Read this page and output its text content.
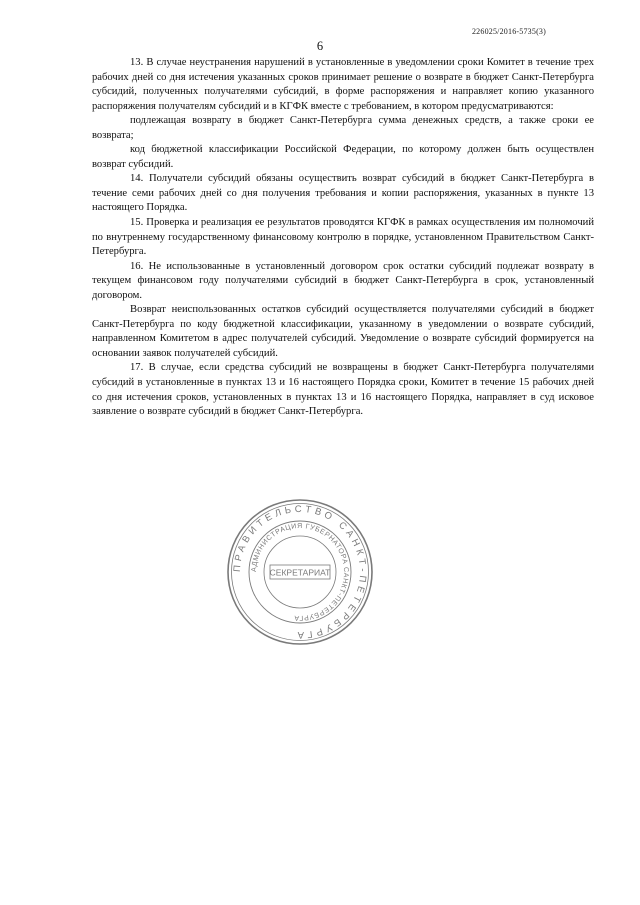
226025/2016-5735(3)
6

13. В случае неустранения нарушений в установленные в уведомлении сроки Комитет в течение трех рабочих дней со дня истечения указанных сроков принимает решение о возврате в бюджет Санкт-Петербурга субсидий, полученных получателями субсидий, в форме распоряжения и направляет копию указанного распоряжения получателям субсидий и в КГФК вместе с требованием, в котором предусматриваются:

подлежащая возврату в бюджет Санкт-Петербурга сумма денежных средств, а также сроки ее возврата;

код бюджетной классификации Российской Федерации, по которому должен быть осуществлен возврат субсидий.

14. Получатели субсидий обязаны осуществить возврат субсидий в бюджет Санкт-Петербурга в течение семи рабочих дней со дня получения требования и копии распоряжения, указанных в пункте 13 настоящего Порядка.

15. Проверка и реализация ее результатов проводятся КГФК в рамках осуществления им полномочий по внутреннему государственному финансовому контролю в порядке, установленном Правительством Санкт-Петербурга.

16. Не использованные в установленный договором срок остатки субсидий подлежат возврату в текущем финансовом году получателями субсидий в бюджет Санкт-Петербурга в срок, установленный договором.

Возврат неиспользованных остатков субсидий осуществляется получателями субсидий в бюджет Санкт-Петербурга по коду бюджетной классификации, указанному в уведомлении о возврате субсидий, направленном Комитетом в адрес получателей субсидий. Уведомление о возврате субсидий формируется на основании заявок получателей субсидий.

17. В случае, если средства субсидий не возвращены в бюджет Санкт-Петербурга получателями субсидий в установленные в пунктах 13 и 16 настоящего Порядка сроки, Комитет в течение 15 рабочих дней со дня истечения сроков, установленных в пунктах 13 и 16 настоящего Порядка, направляет в суд исковое заявление о возврате субсидий в бюджет Санкт-Петербурга.

ПРАВИТЕЛЬСТВО САНКТ-ПЕТЕРБУРГА
АДМИНИСТРАЦИЯ ГУБЕРНАТОРА САНКТ-ПЕТЕРБУРГА
СЕКРЕТАРИАТ
